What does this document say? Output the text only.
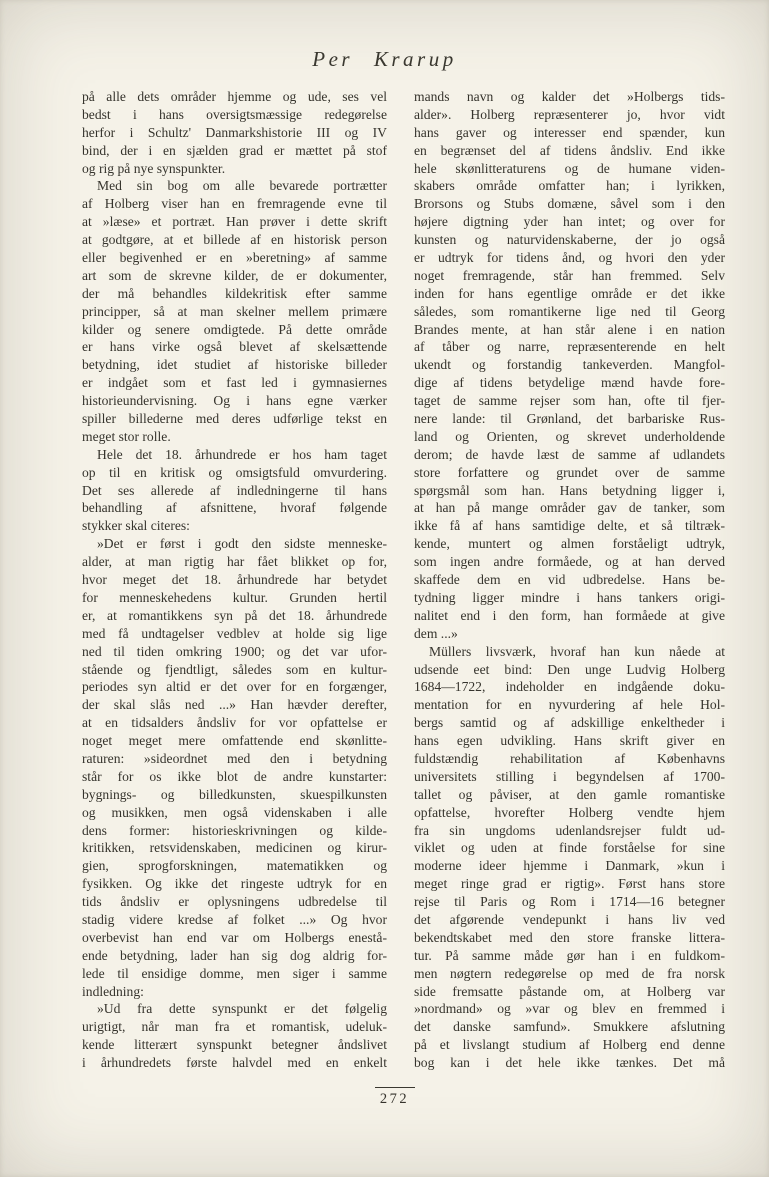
Per Krarup
på alle dets områder hjemme og ude, ses vel
bedst i hans oversigtsmæssige redegørelse
herfor i Schultz' Danmarkshistorie III og IV
bind, der i en sjælden grad er mættet på stof
og rig på nye synspunkter.
Med sin bog om alle bevarede portrætter
af Holberg viser han en fremragende evne til
at »læse» et portræt. Han prøver i dette skrift
at godtgøre, at et billede af en historisk person
eller begivenhed er en »beretning» af samme
art som de skrevne kilder, de er dokumenter,
der må behandles kildekritisk efter samme
principper, så at man skelner mellem primære
kilder og senere omdigtede. På dette område
er hans virke også blevet af skelsættende
betydning, idet studiet af historiske billeder
er indgået som et fast led i gymnasiernes
historieundervisning. Og i hans egne værker
spiller billederne med deres udførlige tekst en
meget stor rolle.
Hele det 18. århundrede er hos ham taget
op til en kritisk og omsigtsfuld omvurdering.
Det ses allerede af indledningerne til hans
behandling af afsnittene, hvoraf følgende
stykker skal citeres:
»Det er først i godt den sidste menneske-
alder, at man rigtig har fået blikket op for,
hvor meget det 18. århundrede har betydet
for menneskehedens kultur. Grunden hertil
er, at romantikkens syn på det 18. århundrede
med få undtagelser vedblev at holde sig lige
ned til tiden omkring 1900; og det var ufor-
stående og fjendtligt, således som en kultur-
periodes syn altid er det over for en forgænger,
der skal slås ned ...» Han hævder derefter,
at en tidsalders åndsliv for vor opfattelse er
noget meget mere omfattende end skønlitte-
raturen: »sideordnet med den i betydning
står for os ikke blot de andre kunstarter:
bygnings- og billedkunsten, skuespilkunsten
og musikken, men også videnskaben i alle
dens former: historieskrivningen og kilde-
kritikken, retsvidenskaben, medicinen og kirur-
gien, sprogforskningen, matematikken og
fysikken. Og ikke det ringeste udtryk for en
tids åndsliv er oplysningens udbredelse til
stadig videre kredse af folket ...» Og hvor
overbevist han end var om Holbergs enestå-
ende betydning, lader han sig dog aldrig for-
lede til ensidige domme, men siger i samme
indledning:
»Ud fra dette synspunkt er det følgelig
urigtigt, når man fra et romantisk, udeluk-
kende litterært synspunkt betegner åndslivet
i århundredets første halvdel med en enkelt
mands navn og kalder det »Holbergs tids-
alder». Holberg repræsenterer jo, hvor vidt
hans gaver og interesser end spænder, kun
en begrænset del af tidens åndsliv. End ikke
hele skønlitteraturens og de humane viden-
skabers område omfatter han; i lyrikken,
Brorsons og Stubs domæne, såvel som i den
højere digtning yder han intet; og over for
kunsten og naturvidenskaberne, der jo også
er udtryk for tidens ånd, og hvori den yder
noget fremragende, står han fremmed. Selv
inden for hans egentlige område er det ikke
således, som romantikerne lige ned til Georg
Brandes mente, at han står alene i en nation
af tåber og narre, repræsenterende en helt
ukendt og forstandig tankeverden. Mangfol-
dige af tidens betydelige mænd havde fore-
taget de samme rejser som han, ofte til fjer-
nere lande: til Grønland, det barbariske Rus-
land og Orienten, og skrevet underholdende
derom; de havde læst de samme af udlandets
store forfattere og grundet over de samme
spørgsmål som han. Hans betydning ligger i,
at han på mange områder gav de tanker, som
ikke få af hans samtidige delte, et så tiltræk-
kende, muntert og almen forståeligt udtryk,
som ingen andre formåede, og at han derved
skaffede dem en vid udbredelse. Hans be-
tydning ligger mindre i hans tankers origi-
nalitet end i den form, han formåede at give
dem ...»
Müllers livsværk, hvoraf han kun nåede at
udsende eet bind: Den unge Ludvig Holberg
1684—1722, indeholder en indgående doku-
mentation for en nyvurdering af hele Hol-
bergs samtid og af adskillige enkeltheder i
hans egen udvikling. Hans skrift giver en
fuldstændig rehabilitation af Københavns
universitets stilling i begyndelsen af 1700-
tallet og påviser, at den gamle romantiske
opfattelse, hvorefter Holberg vendte hjem
fra sin ungdoms udenlandsrejser fuldt ud-
viklet og uden at finde forståelse for sine
moderne ideer hjemme i Danmark, »kun i
meget ringe grad er rigtig». Først hans store
rejse til Paris og Rom i 1714—16 betegner
det afgørende vendepunkt i hans liv ved
bekendtskabet med den store franske littera-
tur. På samme måde gør han i en fuldkom-
men nøgtern redegørelse op med de fra norsk
side fremsatte påstande om, at Holberg var
»nordmand» og »var og blev en fremmed i
det danske samfund». Smukkere afslutning
på et livslangt studium af Holberg end denne
bog kan i det hele ikke tænkes. Det må
272
